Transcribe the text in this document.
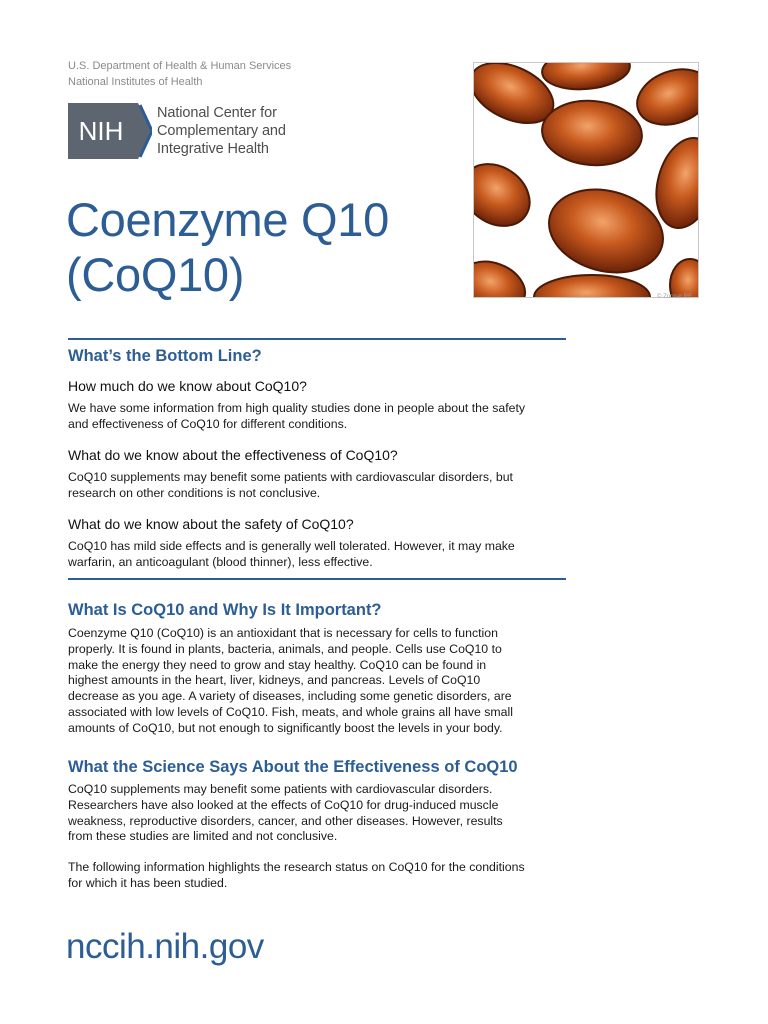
U.S. Department of Health & Human Services
National Institutes of Health
NIH
National Center for
Complementary and
Integrative Health
Coenzyme Q10
(CoQ10)	© Zoonar RF
What’s the Bottom Line?
How much do we know about CoQ10?

We have some information from high quality studies done in people about the safety
and effectiveness of CoQ10 for different conditions.

What do we know about the effectiveness of CoQ10?

CoQ10 supplements may benefit some patients with cardiovascular disorders, but
research on other conditions is not conclusive.

What do we know about the safety of CoQ10?

CoQ10 has mild side effects and is generally well tolerated. However, it may make
warfarin, an anticoagulant (blood thinner), less effective.

What Is CoQ10 and Why Is It Important?

Coenzyme Q10 (CoQ10) is an antioxidant that is necessary for cells to function
properly. It is found in plants, bacteria, animals, and people. Cells use CoQ10 to
make the energy they need to grow and stay healthy. CoQ10 can be found in
highest amounts in the heart, liver, kidneys, and pancreas. Levels of CoQ10
decrease as you age. A variety of diseases, including some genetic disorders, are
associated with low levels of CoQ10. Fish, meats, and whole grains all have small
amounts of CoQ10, but not enough to significantly boost the levels in your body.

What the Science Says About the Effectiveness of CoQ10

CoQ10 supplements may benefit some patients with cardiovascular disorders.
Researchers have also looked at the effects of CoQ10 for drug-induced muscle
weakness, reproductive disorders, cancer, and other diseases. However, results
from these studies are limited and not conclusive.

The following information highlights the research status on CoQ10 for the conditions
for which it has been studied.

nccih.nih.gov
